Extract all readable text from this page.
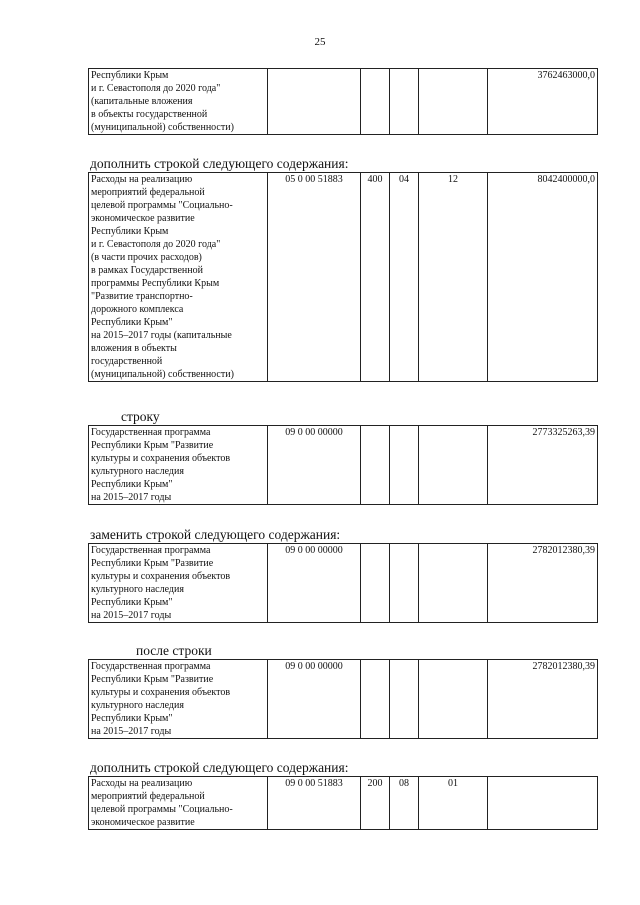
25
Республики Крым
и г. Севастополя до 2020 года"
(капитальные вложения
в объекты государственной
(муниципальной) собственности)
					3762463000,0
дополнить строкой следующего содержания:
Расходы на реализацию
мероприятий федеральной
целевой программы "Социально-
экономическое развитие
Республики Крым
и г. Севастополя до 2020 года"
(в части прочих расходов)
в рамках Государственной
программы Республики Крым
"Развитие транспортно-
дорожного комплекса
Республики Крым"
на 2015–2017 годы (капитальные
вложения в объекты
государственной
(муниципальной) собственности)
	05 0 00 51883	400	04	12	8042400000,0
строку
Государственная программа
Республики Крым "Развитие
культуры и сохранения объектов
культурного наследия
Республики Крым"
на 2015–2017 годы
	09 0 00 00000				2773325263,39
заменить строкой следующего содержания:
Государственная программа
Республики Крым "Развитие
культуры и сохранения объектов
культурного наследия
Республики Крым"
на 2015–2017 годы
	09 0 00 00000				2782012380,39
после строки
Государственная программа
Республики Крым "Развитие
культуры и сохранения объектов
культурного наследия
Республики Крым"
на 2015–2017 годы
	09 0 00 00000				2782012380,39
дополнить строкой следующего содержания:
Расходы на реализацию
мероприятий федеральной
целевой программы "Социально-
экономическое развитие
	09 0 00 51883	200	08	01	
